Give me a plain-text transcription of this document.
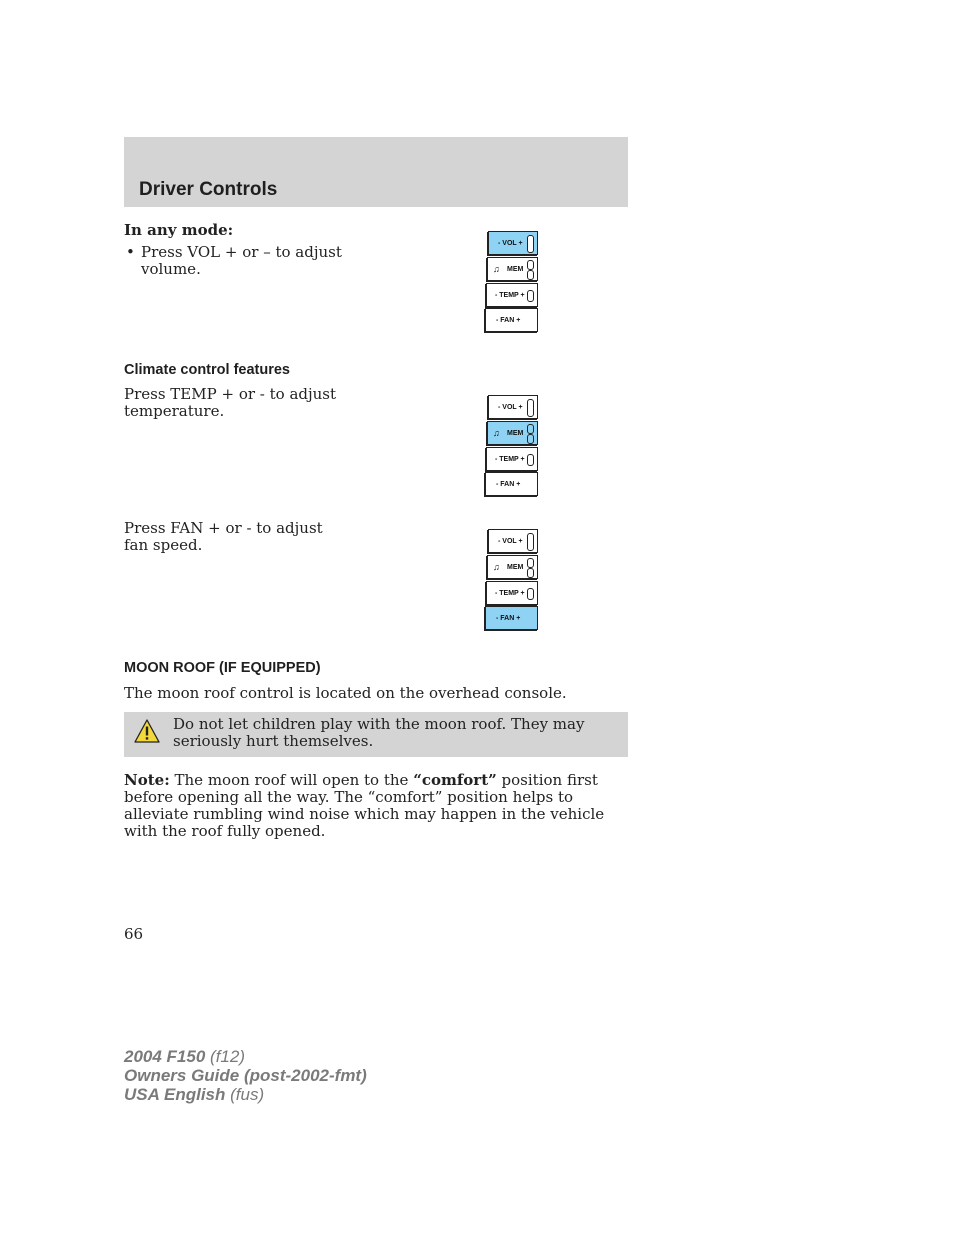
Driver Controls

In any mode:

• Press VOL + or – to adjust volume.
- VOL +
♫ MEM
- TEMP +
- FAN +
Climate control features

Press TEMP + or - to adjust temperature.	- VOL +
♫ MEM
- TEMP +
- FAN +

Press FAN + or - to adjust fan speed.	- VOL +
♫ MEM
- TEMP +
- FAN +
MOON ROOF (IF EQUIPPED)

The moon roof control is located on the overhead console.

Do not let children play with the moon roof. They may seriously hurt themselves.

Note: The moon roof will open to the “comfort” position first before opening all the way. The “comfort” position helps to alleviate rumbling wind noise which may happen in the vehicle with the roof fully opened.

66

2004 F150 (f12)
Owners Guide (post-2002-fmt)
USA English (fus)
